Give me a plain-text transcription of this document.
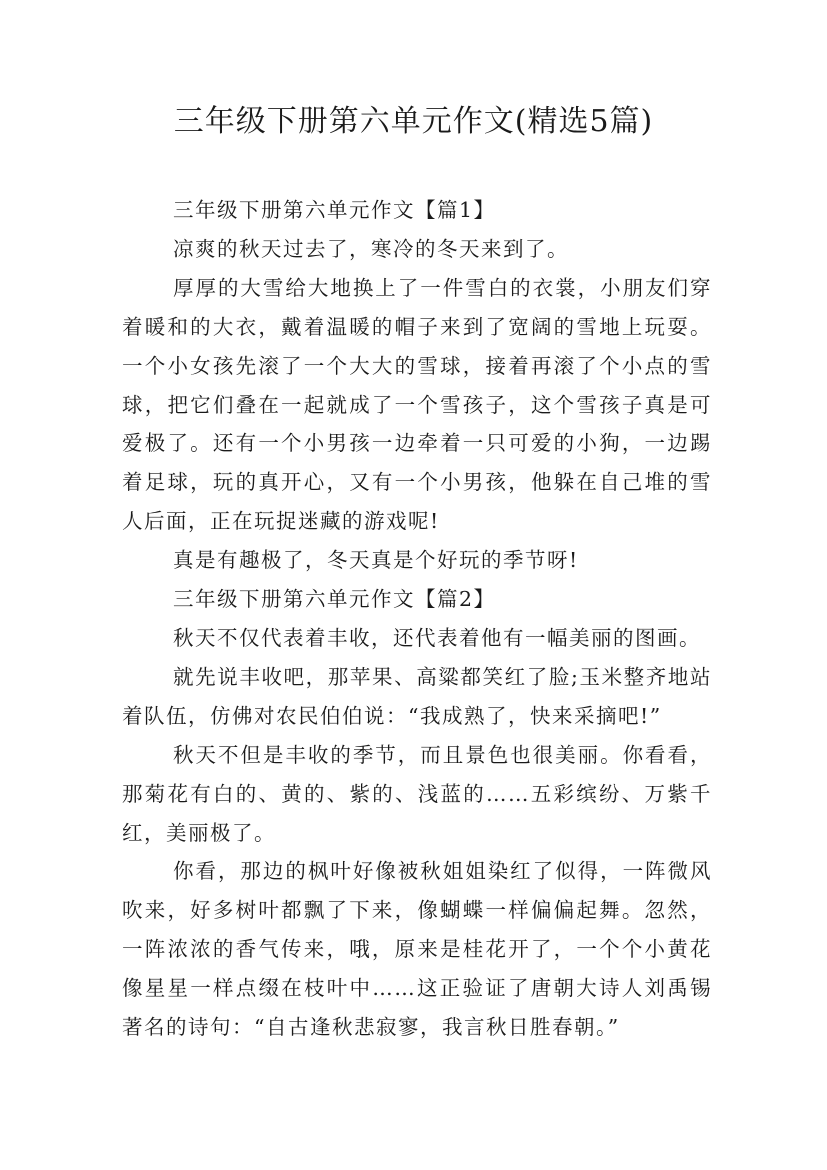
三年级下册第六单元作文(精选5篇)

三年级下册第六单元作文【篇1】

凉爽的秋天过去了，寒冷的冬天来到了。

厚厚的大雪给大地换上了一件雪白的衣裳，小朋友们穿着暖和的大衣，戴着温暖的帽子来到了宽阔的雪地上玩耍。一个小女孩先滚了一个大大的雪球，接着再滚了个小点的雪球，把它们叠在一起就成了一个雪孩子，这个雪孩子真是可爱极了。还有一个小男孩一边牵着一只可爱的小狗，一边踢着足球，玩的真开心，又有一个小男孩，他躲在自己堆的雪人后面，正在玩捉迷藏的游戏呢!

真是有趣极了，冬天真是个好玩的季节呀!

三年级下册第六单元作文【篇2】

秋天不仅代表着丰收，还代表着他有一幅美丽的图画。

就先说丰收吧，那苹果、高粱都笑红了脸;玉米整齐地站着队伍，仿佛对农民伯伯说：“我成熟了，快来采摘吧!”

秋天不但是丰收的季节，而且景色也很美丽。你看看，那菊花有白的、黄的、紫的、浅蓝的……五彩缤纷、万紫千红，美丽极了。

你看，那边的枫叶好像被秋姐姐染红了似得，一阵微风吹来，好多树叶都飘了下来，像蝴蝶一样偏偏起舞。忽然，一阵浓浓的香气传来，哦，原来是桂花开了，一个个小黄花像星星一样点缀在枝叶中……这正验证了唐朝大诗人刘禹锡著名的诗句：“自古逢秋悲寂寥，我言秋日胜春朝。”
